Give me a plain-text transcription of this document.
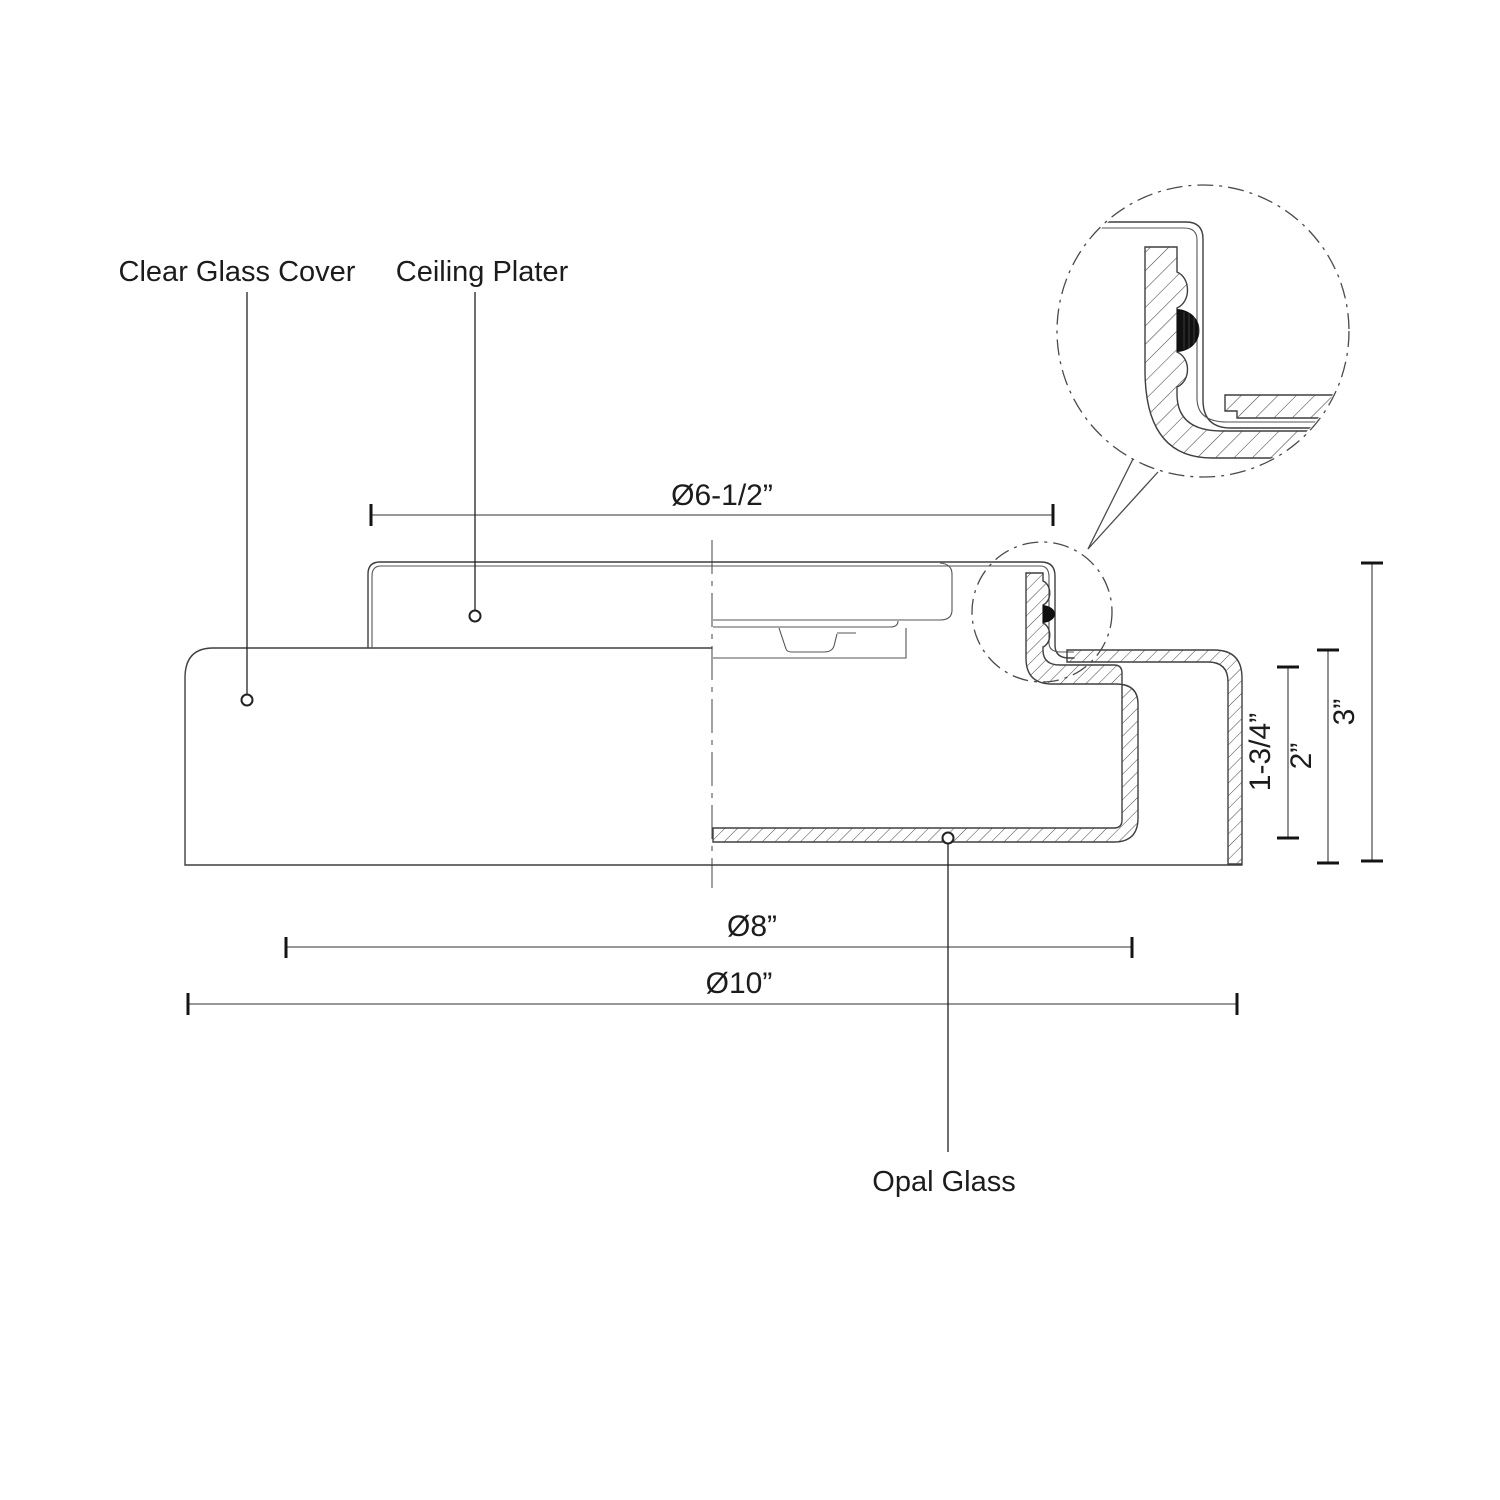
Ø6-1/2”
Ø8”
Ø10”
1-3/4” 2”
3”
Clear Glass Cover Ceiling Plater
Opal Glass
